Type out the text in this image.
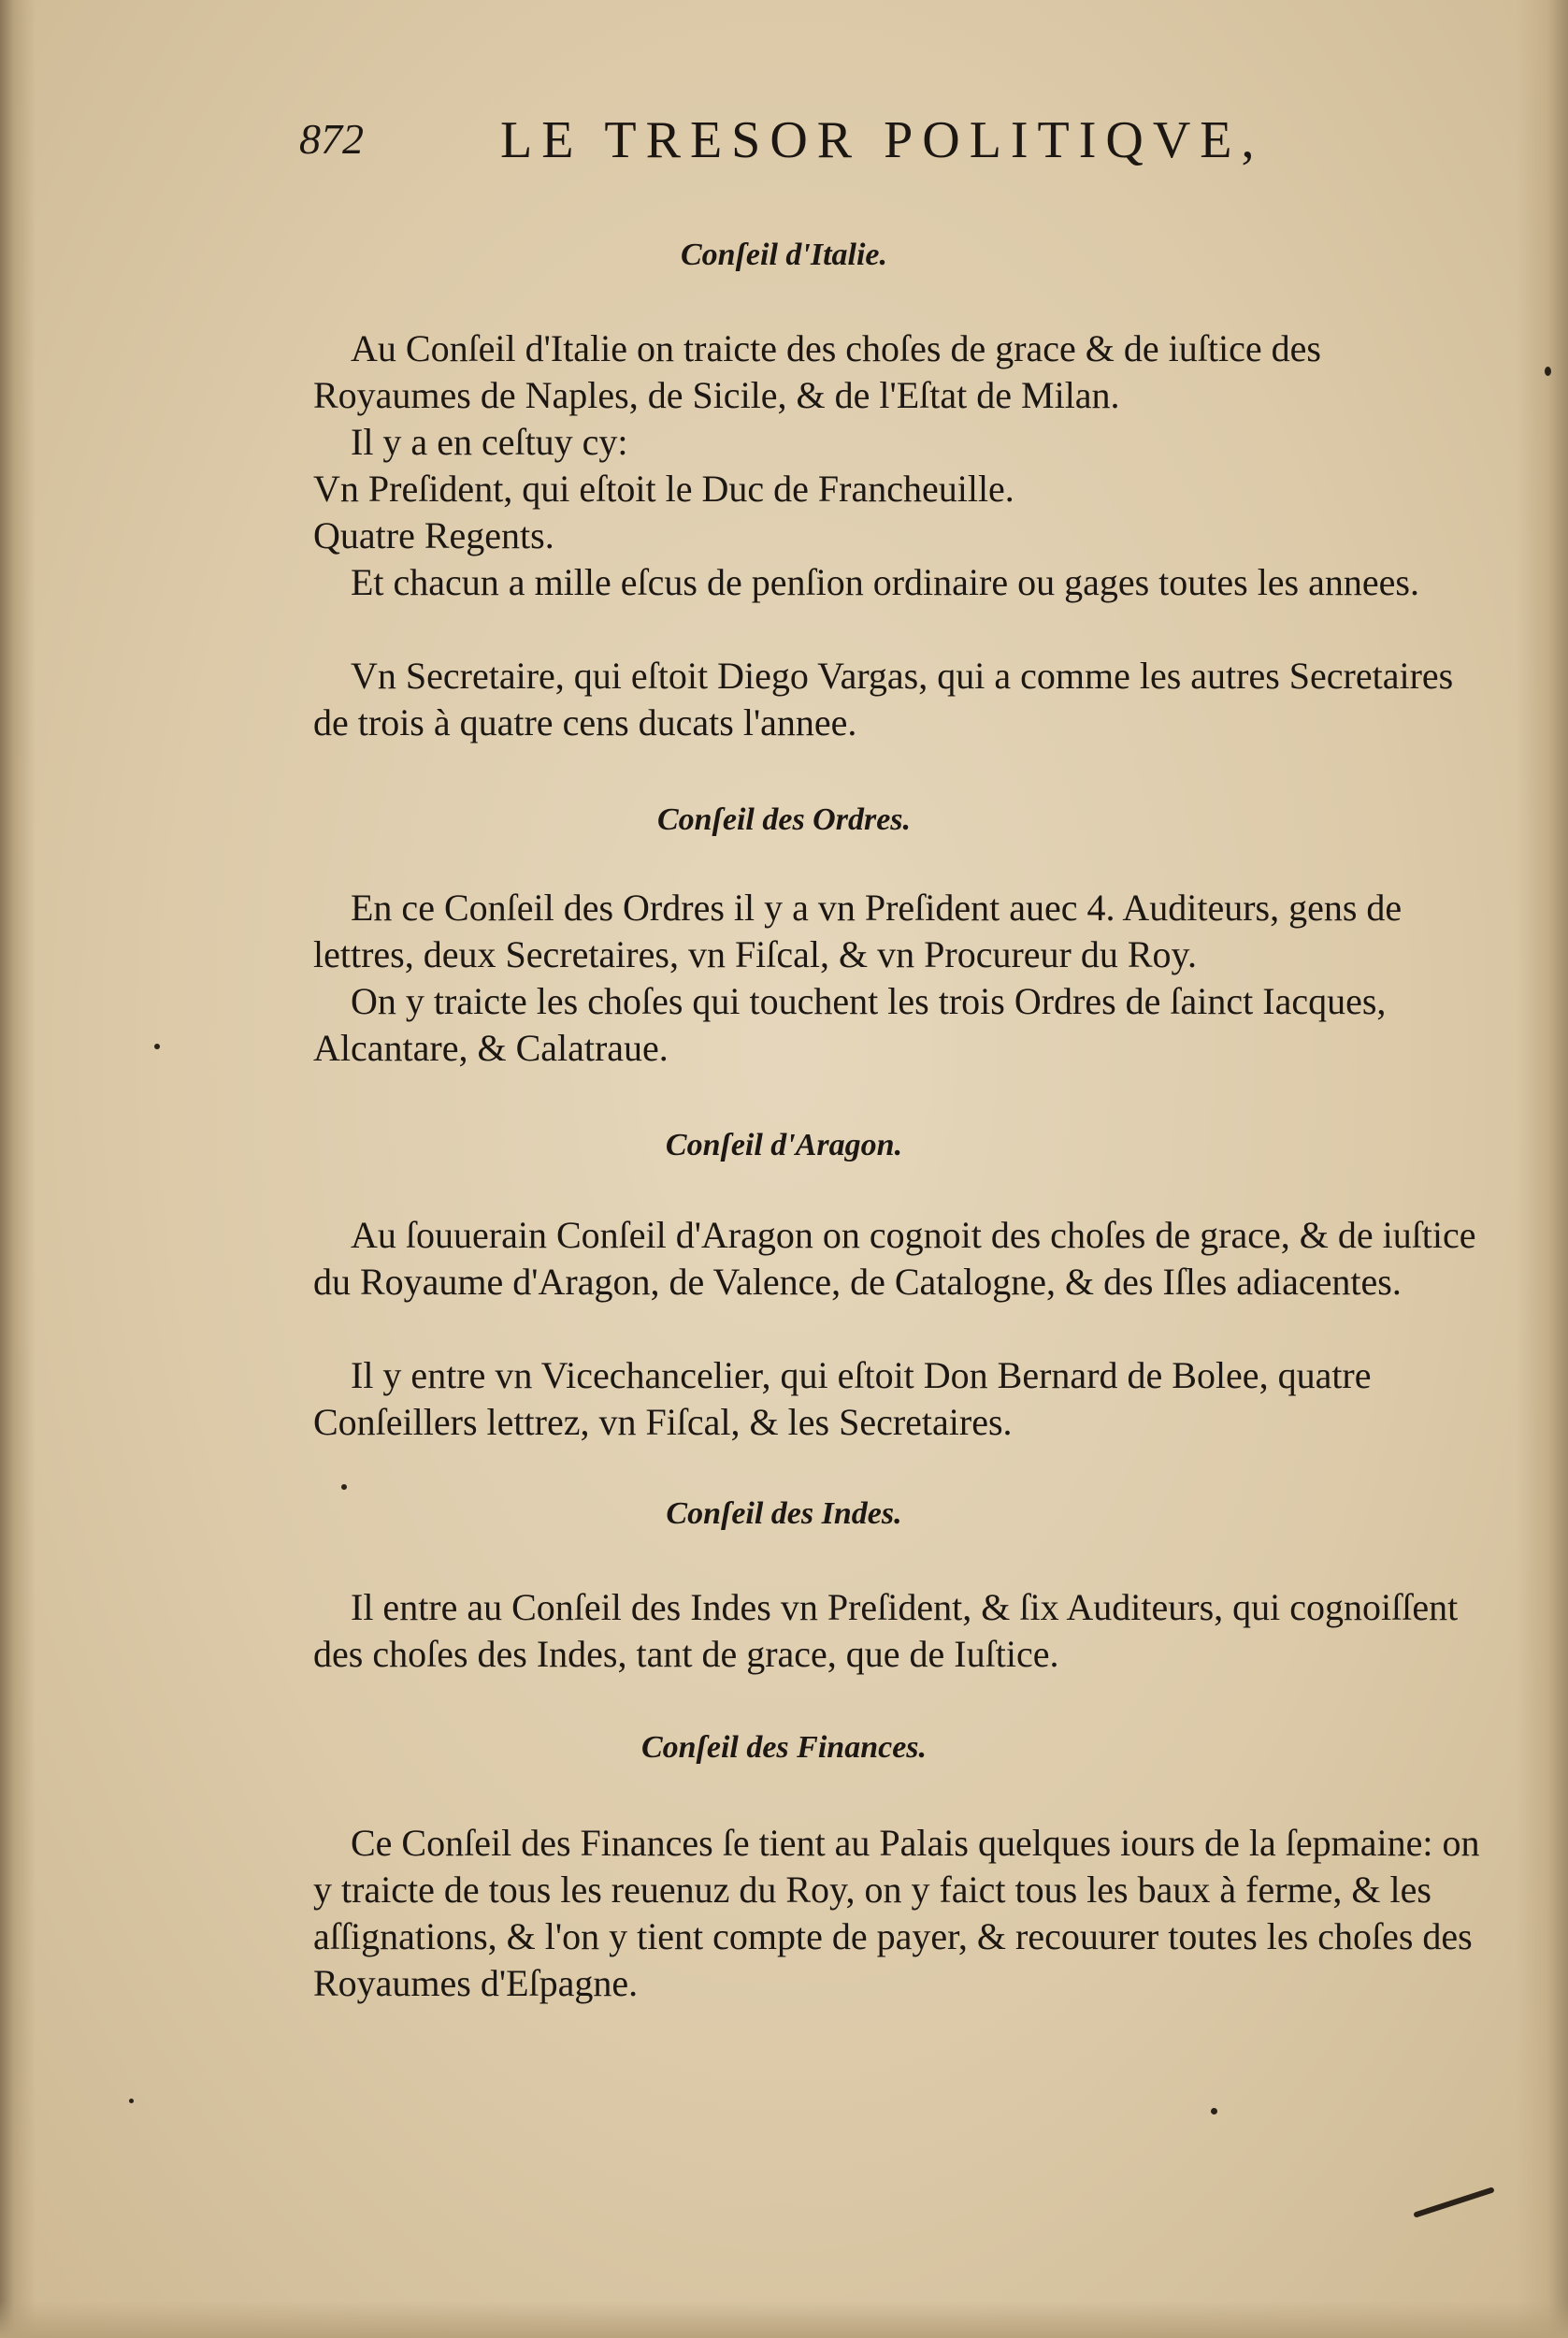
872	LE TRESOR POLITIQVE,
Conſeil d'Italie.

Au Conſeil d'Italie on traicte des choſes de grace & de iuſtice des Royaumes de Naples, de Sicile, & de l'Eſtat de Milan.

Il y a en ceſtuy cy:

Vn Preſident, qui eſtoit le Duc de Francheuille.

Quatre Regents.

Et chacun a mille eſcus de penſion ordinaire ou gages toutes les annees.

Vn Secretaire, qui eſtoit Diego Vargas, qui a comme les autres Secretaires de trois à quatre cens ducats l'annee.

Conſeil des Ordres.

En ce Conſeil des Ordres il y a vn Preſident auec 4. Auditeurs, gens de lettres, deux Secretaires, vn Fiſcal, & vn Procureur du Roy.

On y traicte les choſes qui touchent les trois Ordres de ſainct Iacques, Alcantare, & Calatraue.

Conſeil d'Aragon.

Au ſouuerain Conſeil d'Aragon on cognoit des choſes de grace, & de iuſtice du Royaume d'Aragon, de Valence, de Catalogne, & des Iſles adiacentes.

Il y entre vn Vicechancelier, qui eſtoit Don Bernard de Bolee, quatre Conſeillers lettrez, vn Fiſcal, & les Secretaires.

Conſeil des Indes.

Il entre au Conſeil des Indes vn Preſident, & ſix Auditeurs, qui cognoiſſent des choſes des Indes, tant de grace, que de Iuſtice.

Conſeil des Finances.

Ce Conſeil des Finances ſe tient au Palais quelques iours de la ſepmaine: on y traicte de tous les reuenuz du Roy, on y faict tous les baux à ferme, & les aſſignations, & l'on y tient compte de payer, & recouurer toutes les choſes des Royaumes d'Eſpagne.
